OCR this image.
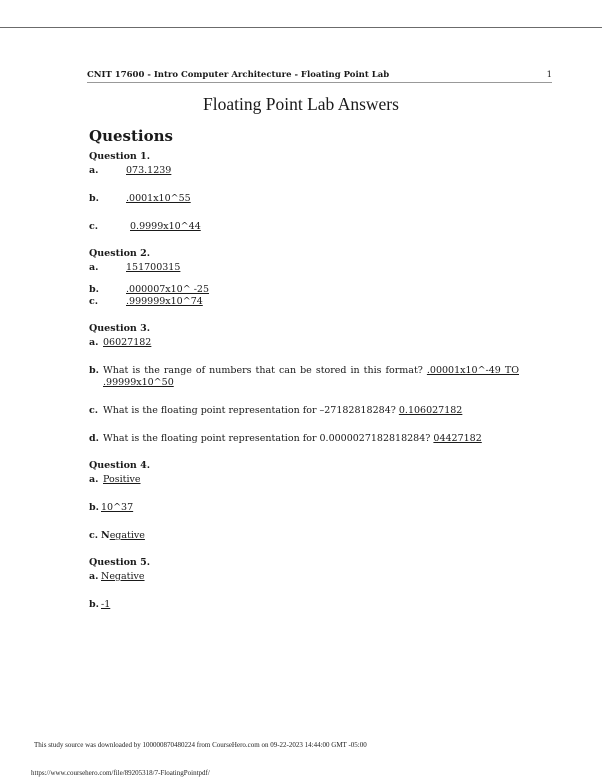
CNIT 17600 - Intro Computer Architecture - Floating Point Lab	1
Floating Point Lab Answers
Questions
Question 1.
a.	073.1239
b.	.0001x10^55
c.	0.9999x10^44
Question 2.
a.	151700315
b.	.000007x10^ -25
c.	.999999x10^74
Question 3.
a. 06027182
b. What is the range of numbers that can be stored in this format? .00001x10^-49 TO .99999x10^50
c. What is the floating point representation for –27182818284? 0.106027182
d. What is the floating point representation for 0.0000027182818284? 04427182
Question 4.
a. Positive
b. 10^37
c. N egative
Question 5.
a. Negative
b. -1
This study source was downloaded by 100000870480224 from CourseHero.com on 09-22-2023 14:44:00 GMT -05:00
https://www.coursehero.com/file/89205318/7-FloatingPointpdf/
